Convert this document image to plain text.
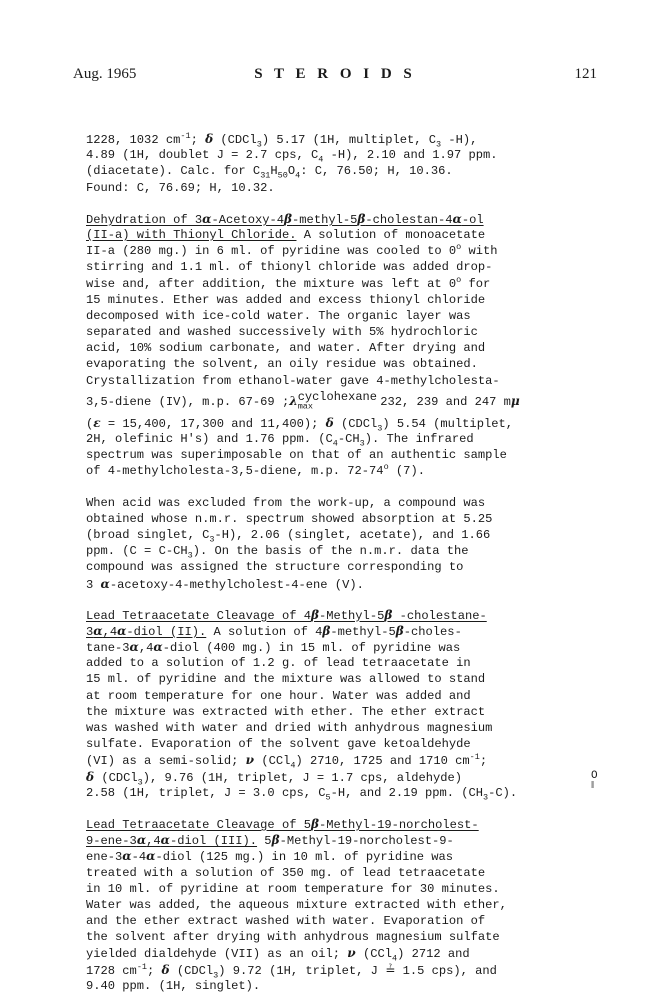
Aug. 1965	S T E R O I D S	121
1228, 1032 $cm^{-1}$; δ (CDCl$_3$) 5.17 (1H, multiplet, $C_3$ -H),
4.89 (1H, doublet J = 2.7 cps, $C_4$ -H), 2.10 and 1.97 ppm.
(diacetate). Calc. for $C_{31}H_{50}O_4$: C, 76.50; H, 10.36.
Found: C, 76.69; H, 10.32.
Dehydration of 3α-Acetoxy-4β-methyl-5β-cholestan-4α-ol
(II-a) with Thionyl Chloride. A solution of monoacetate
II-a (280 mg.) in 6 ml. of pyridine was cooled to 0$^o$ with
stirring and 1.1 ml. of thionyl chloride was added drop-
wise and, after addition, the mixture was left at 0$^o$ for
15 minutes. Ether was added and excess thionyl chloride
decomposed with ice-cold water. The organic layer was
separated and washed successively with 5% hydrochloric
acid, 10% sodium carbonate, and water. After drying and
evaporating the solvent, an oily residue was obtained.
Crystallization from ethanol-water gave 4-methylcholesta-
3,5-diene (IV), m.p. 67-69 ;λ cyclohexane
$_{max}$	232, 239 and 247 mμ
(ε = 15,400, 17,300 and 11,400); δ (CDCl$_3$) 5.54 (multiplet,
2H, olefinic H's) and 1.76 ppm. $(C_4-CH_3)$. The infrared
spectrum was superimposable on that of an authentic sample
of 4-methylcholesta-3,5-diene, m.p. 72-74$^o$ (7).
When acid was excluded from the work-up, a compound was
obtained whose n.m.r. spectrum showed absorption at 5.25
(broad singlet, $C_3-H$), 2.06 (singlet, acetate), and 1.66
ppm. $(C = C-CH_3)$. On the basis of the n.m.r. data the
compound was assigned the structure corresponding to
3 α-acetoxy-4-methylcholest-4-ene (V).
Lead Tetraacetate Cleavage of 4β-Methyl-5β -cholestane-
3α,4α-diol (II). A solution of 4β-methyl-5β-choles-
tane-3α,4α-diol (400 mg.) in 15 ml. of pyridine was
added to a solution of 1.2 g. of lead tetraacetate in
15 ml. of pyridine and the mixture was allowed to stand
at room temperature for one hour. Water was added and
the mixture was extracted with ether. The ether extract
was washed with water and dried with anhydrous magnesium
sulfate. Evaporation of the solvent gave ketoaldehyde
(VI) as a semi-solid; ν (CCl$_4$) 2710, 1725 and 1710 $cm^{-1}$;
δ (CDCl$_3$), 9.76 (1H, triplet, J = 1.7 cps, aldehyde)	O
‖
2.58 (1H, triplet, J = 3.0 cps, $C_5-H$, and 2.19 ppm. $(CH_3-C)$.
Lead Tetraacetate Cleavage of 5β-Methyl-19-norcholest-
9-ene-3α,4α-diol (III). 5β-Methyl-19-norcholest-9-
ene-3α-4α-diol (125 mg.) in 10 ml. of pyridine was
treated with a solution of 350 mg. of lead tetraacetate
in 10 ml. of pyridine at room temperature for 30 minutes.
Water was added, the aqueous mixture extracted with ether,
and the ether extract washed with water. Evaporation of
the solvent after drying with anhydrous magnesium sulfate
yielded dialdehyde (VII) as an oil; ν (CCl$_4$) 2712 and
1728 $cm^{-1}$; δ (CDCl$_3$) 9.72 (1H, triplet, J ≟ 1.5 cps), and
9.40 ppm. (1H, singlet).
